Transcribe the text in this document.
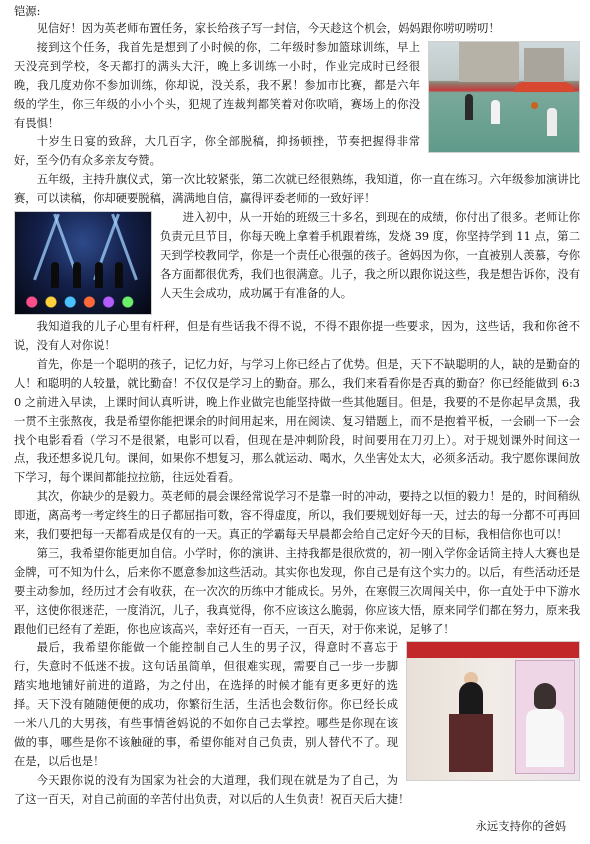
铠源:

见信好！因为英老师布置任务，家长给孩子写一封信，今天趁这个机会，妈妈跟你唠叨唠叨！

接到这个任务，我首先是想到了小时候的你，二年级时参加篮球训练，早上天没亮到学校，冬天都打的满头大汗，晚上多训练一小时，作业完成时已经很晚，我几度劝你不参加训练，你却说，没关系，我不累！参加市比赛，都是六年级的学生，你三年级的小小个头，犯规了连裁判都笑着对你吹哨，赛场上的你没有畏惧！

十岁生日宴的致辞，大几百字，你全部脱稿，抑扬顿挫，节奏把握得非常好，至今仍有众多亲友夸赞。

五年级，主持升旗仪式，第一次比较紧张，第二次就已经很熟练，我知道，你一直在练习。六年级参加演讲比赛，可以读稿，你却硬要脱稿，满满地自信，赢得评委老师的一致好评！

进入初中，从一开始的班级三十多名，到现在的成绩，你付出了很多。老师让你负责元旦节目，你每天晚上拿着手机跟着练，发烧 39 度，你坚持学到 11 点，第二天到学校教同学，你是一个责任心很强的孩子。爸妈因为你，一直被别人羡慕，夸你各方面都很优秀，我们也很满意。儿子，我之所以跟你说这些，我是想告诉你，没有人天生会成功，成功属于有准备的人。

我知道我的儿子心里有杆秤，但是有些话我不得不说，不得不跟你提一些要求，因为，这些话，我和你爸不说，没有人对你说！

首先，你是一个聪明的孩子，记忆力好，与学习上你已经占了优势。但是，天下不缺聪明的人，缺的是勤奋的人！和聪明的人较量，就比勤奋！不仅仅是学习上的勤奋。那么，我们来看看你是否真的勤奋？你已经能做到 6:30 之前进入早读，上课时间认真听讲，晚上作业做完也能坚持做一些其他题目。但是，我要的不是你起早贪黑，我一贯不主张熬夜，我是希望你能把课余的时间用起来，用在阅读、复习错题上，而不是抱着平板，一会刷一下一会找个电影看看（学习不是很紧，电影可以看，但现在是冲刺阶段，时间要用在刀刃上）。对于规划课外时间这一点，我还想多说几句。课间，如果你不想复习，那么就运动、喝水，久坐害处太大，必须多活动。我宁愿你课间放下学习，每个课间都能拉拉筋，往远处看看。

其次，你缺少的是毅力。英老师的晨会课经常说学习不是靠一时的冲动，要持之以恒的毅力！是的，时间稍纵即逝，离高考一考定终生的日子都屈指可数，容不得虚度，所以，我们要规划好每一天，过去的每一分都不可再回来，我们要把每一天都看成是仅有的一天。真正的学霸每天早晨都会给自己定好今天的目标，我相信你也可以！

第三，我希望你能更加自信。小学时，你的演讲、主持我都是很欣赏的，初一刚入学你金话筒主持人大赛也是金牌，可不知为什么，后来你不愿意参加这些活动。其实你也发现，你自己是有这个实力的。以后，有些活动还是要主动参加，经历过才会有收获，在一次次的历练中才能成长。另外，在寒假三次周闯关中，你一直处于中下游水平，这使你很迷茫，一度消沉，儿子，我真觉得，你不应该这么脆弱，你应该大悟，原来同学们都在努力，原来我跟他们已经有了差距，你也应该高兴，幸好还有一百天，一百天，对于你来说，足够了！

最后，我希望你能做一个能控制自己人生的男子汉，得意时不喜忘于行，失意时不低迷不拔。这句话虽简单，但很难实现，需要自己一步一步脚踏实地地铺好前进的道路，为之付出，在选择的时候才能有更多更好的选择。天下没有随随便便的成功，你繁衍生活，生活也会数衍你。你已经长成一米八几的大男孩，有些事情爸妈说的不如你自己去掌控。哪些是你现在该做的事，哪些是你不该触碰的事，希望你能对自己负责，别人替代不了。现在是，以后也是！

今天跟你说的没有为国家为社会的大道理，我们现在就是为了自己，为了这一百天，对自己前面的辛苦付出负责，对以后的人生负责！祝百天后大捷！

永远支持你的爸妈
